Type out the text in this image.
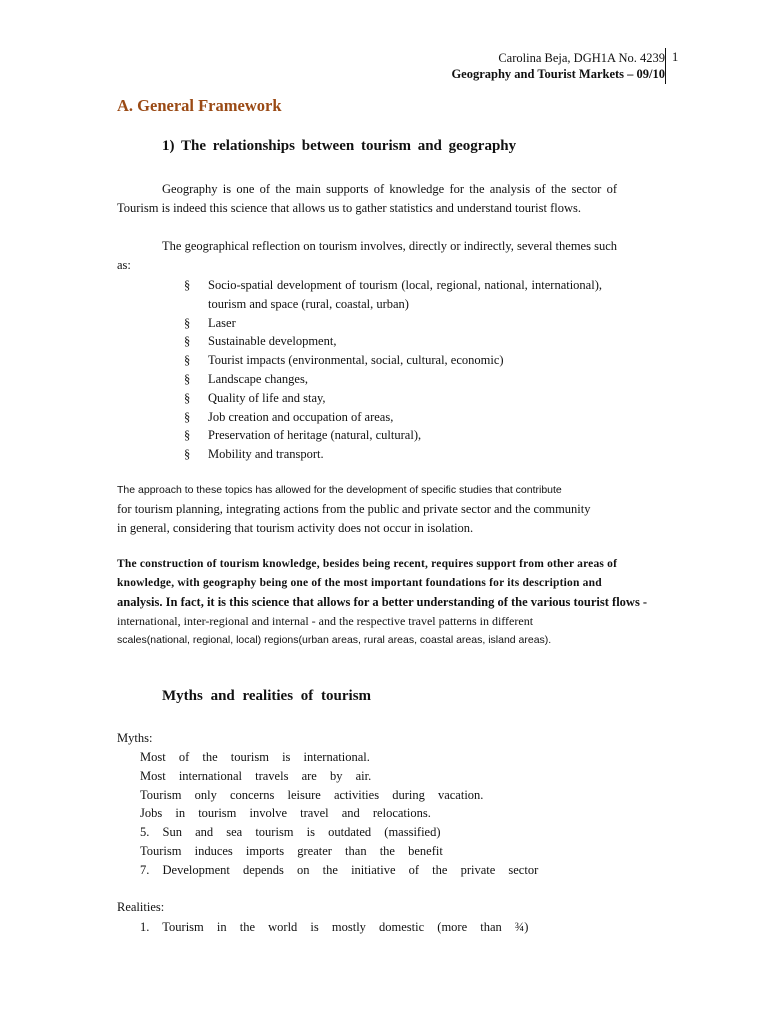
Carolina Beja, DGH1A No. 4239
Geography and Tourist Markets – 09/10
1
A. General Framework
1) The relationships between tourism and geography
Geography is one of the main supports of knowledge for the analysis of the sector of Tourism is indeed this science that allows us to gather statistics and understand tourist flows.
The geographical reflection on tourism involves, directly or indirectly, several themes such as:
§ Socio-spatial development of tourism (local, regional, national, international), tourism and space (rural, coastal, urban)
§ Laser
§ Sustainable development,
§ Tourist impacts (environmental, social, cultural, economic)
§ Landscape changes,
§ Quality of life and stay,
§ Job creation and occupation of areas,
§ Preservation of heritage (natural, cultural),
§ Mobility and transport.
The approach to these topics has allowed for the development of specific studies that contribute
for tourism planning, integrating actions from the public and private sector and the community
in general, considering that tourism activity does not occur in isolation.
The construction of tourism knowledge, besides being recent, requires support from other areas of
knowledge, with geography being one of the most important foundations for its description and
analysis. In fact, it is this science that allows for a better understanding of the various tourist flows -
international, inter-regional and internal - and the respective travel patterns in different
scales(national, regional, local) regions(urban areas, rural areas, coastal areas, island areas).
Myths and realities of tourism
Myths:
Most of the tourism is international.
Most international travels are by air.
Tourism only concerns leisure activities during vacation.
Jobs in tourism involve travel and relocations.
5. Sun and sea tourism is outdated (massified)
Tourism induces imports greater than the benefit
7. Development depends on the initiative of the private sector
Realities:
1. Tourism in the world is mostly domestic (more than ¾)
